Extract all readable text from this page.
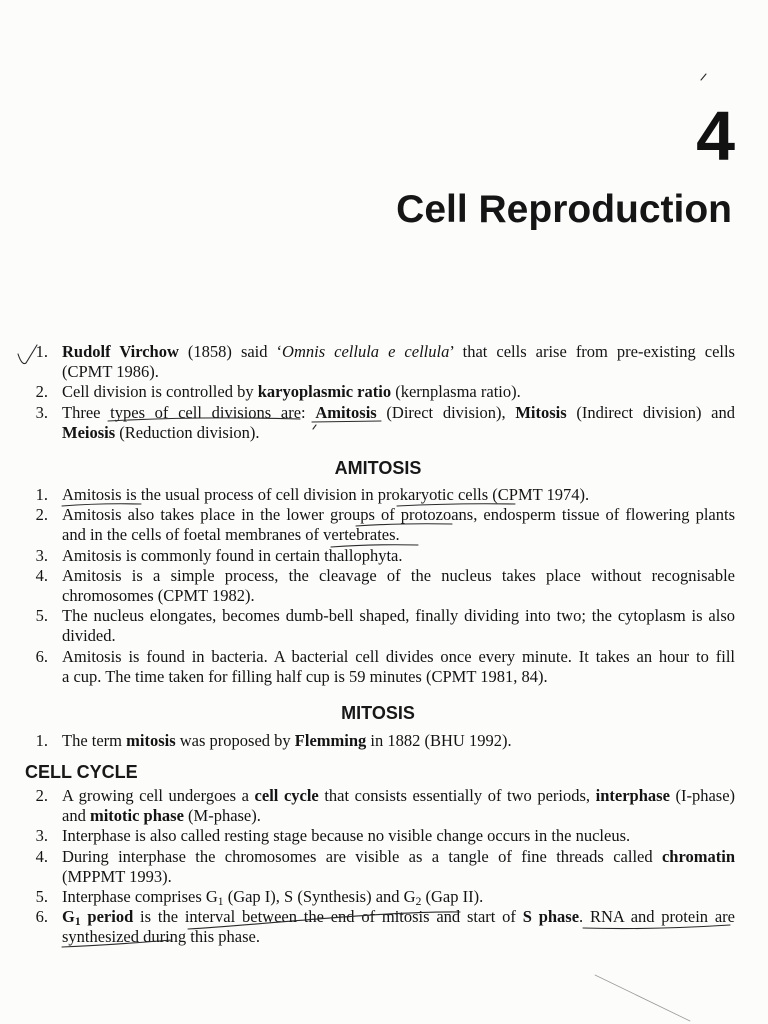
4
Cell Reproduction
1. Rudolf Virchow (1858) said ‘Omnis cellula e cellula’ that cells arise from pre-existing cells
(CPMT 1986).
2. Cell division is controlled by karyoplasmic ratio (kernplasma ratio).
3. Three types of cell divisions are: Amitosis (Direct division), Mitosis (Indirect division) and
Meiosis (Reduction division).
AMITOSIS
1. Amitosis is the usual process of cell division in prokaryotic cells (CPMT 1974).
2. Amitosis also takes place in the lower groups of protozoans, endosperm tissue of flowering plants
and in the cells of foetal membranes of vertebrates.
3. Amitosis is commonly found in certain thallophyta.
4. Amitosis is a simple process, the cleavage of the nucleus takes place without recognisable
chromosomes (CPMT 1982).
5. The nucleus elongates, becomes dumb-bell shaped, finally dividing into two; the cytoplasm is also
divided.
6. Amitosis is found in bacteria. A bacterial cell divides once every minute. It takes an hour to fill
a cup. The time taken for filling half cup is 59 minutes (CPMT 1981, 84).
MITOSIS
1. The term mitosis was proposed by Flemming in 1882 (BHU 1992).
CELL CYCLE
2. A growing cell undergoes a cell cycle that consists essentially of two periods, interphase (I-phase)
and mitotic phase (M-phase).
3. Interphase is also called resting stage because no visible change occurs in the nucleus.
4. During interphase the chromosomes are visible as a tangle of fine threads called chromatin
(MPPMT 1993).
5. Interphase comprises $G_1$ (Gap I), S (Synthesis) and $G_2$ (Gap II).
6. $G_1$ period is the interval between the end of mitosis and start of S phase. RNA and protein are
synthesized during this phase.
